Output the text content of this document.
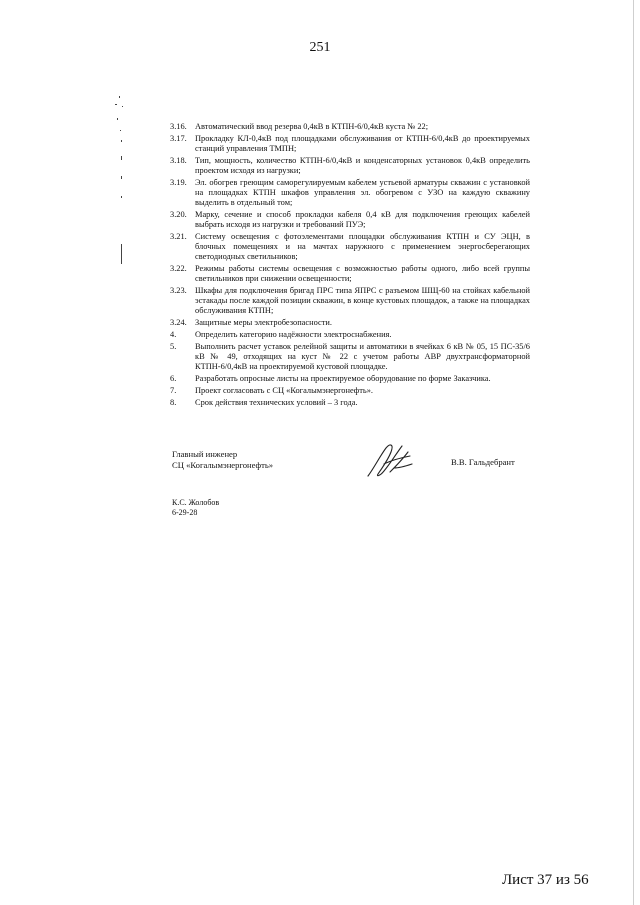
251
3.16. Автоматический ввод резерва 0,4кВ в КТПН-6/0,4кВ куста № 22;
3.17. Прокладку КЛ-0,4кВ под площадками обслуживания от КТПН-6/0,4кВ до проектируемых станций управления ТМПН;
3.18. Тип, мощность, количество КТПН-6/0,4кВ и конденсаторных установок 0,4кВ определить проектом исходя из нагрузки;
3.19. Эл. обогрев греющим саморегулируемым кабелем устьевой арматуры скважин с установкой на площадках КТПН шкафов управления эл. обогревом с УЗО на каждую скважину выделить в отдельный том;
3.20. Марку, сечение и способ прокладки кабеля 0,4 кВ для подключения греющих кабелей выбрать исходя из нагрузки и требований ПУЭ;
3.21. Систему освещения с фотоэлементами площадки обслуживания КТПН и СУ ЭЦН, в блочных помещениях и на мачтах наружного с применением энергосберегающих светодиодных светильников;
3.22. Режимы работы системы освещения с возможностью работы одного, либо всей группы светильников при снижении освещенности;
3.23. Шкафы для подключения бригад ПРС типа ЯПРС с разъемом ШЩ-60 на стойках кабельной эстакады после каждой позиции скважин, в конце кустовых площадок, а также на площадках обслуживания КТПН;
3.24. Защитные меры электробезопасности.
4.	Определить категорию надёжности электроснабжения.
5.	Выполнить расчет уставок релейной защиты и автоматики в ячейках 6 кВ № 05, 15 ПС-35/6 кВ № 49, отходящих на куст № 22 с учетом работы АВР двухтрансформаторной КТПН-6/0,4кВ на проектируемой кустовой площадке.
6.	Разработать опросные листы на проектируемое оборудование по форме Заказчика.
7.	Проект согласовать с СЦ «Когалымэнергонефть».
8.	Срок действия технических условий – 3 года.
Главный инженер
СЦ «Когалымэнергонефть»	В.В. Гальдебрант
К.С. Жолобов
6-29-28
Лист 37 из 56
